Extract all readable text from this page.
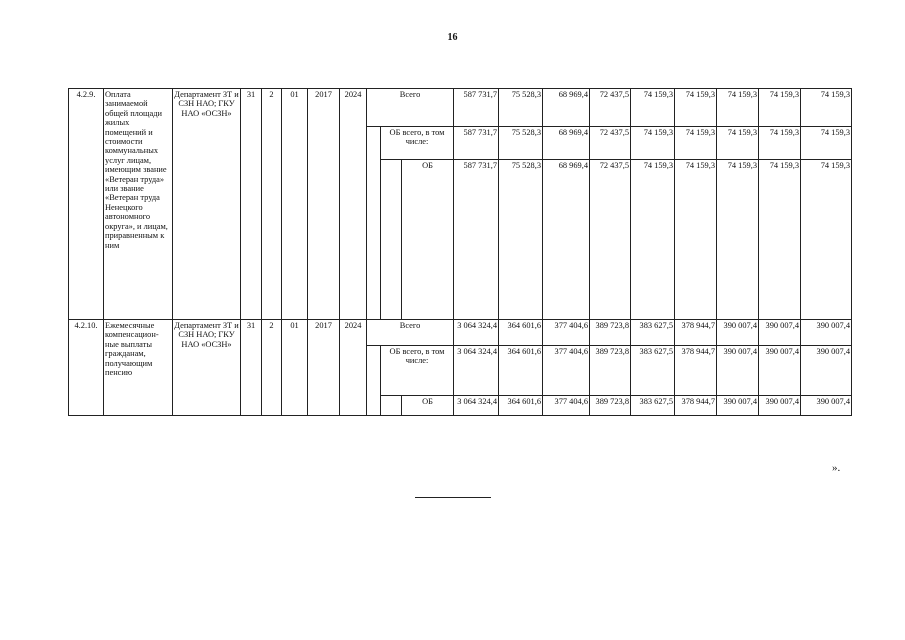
16
4.2.9.	Оплата занимаемой общей площади жилых помещений и стоимости коммунальных услуг лицам, имеющим звание «Ветеран труда» или звание «Ветеран труда Ненецкого автономного округа», и лицам, приравненным к ним	Департамент ЗТ и СЗН НАО; ГКУ НАО «ОСЗН»	31	2	01	2017	2024	Всего			587 731,7	75 528,3	68 969,4	72 437,5	74 159,3	74 159,3	74 159,3	74 159,3	74 159,3	
									ОБ всего, в том числе:		587 731,7	75 528,3	68 969,4	72 437,5	74 159,3	74 159,3	74 159,3	74 159,3	74 159,3	
										ОБ	587 731,7	75 528,3	68 969,4	72 437,5	74 159,3	74 159,3	74 159,3	74 159,3	74 159,3	
4.2.10.	Ежемесячные компенсацион-ные выплаты гражданам, получающим пенсию	Департамент ЗТ и СЗН НАО; ГКУ НАО «ОСЗН»	31	2	01	2017	2024	Всего			3 064 324,4	364 601,6	377 404,6	389 723,8	383 627,5	378 944,7	390 007,4	390 007,4	390 007,4	
									ОБ всего, в том числе:		3 064 324,4	364 601,6	377 404,6	389 723,8	383 627,5	378 944,7	390 007,4	390 007,4	390 007,4	
										ОБ	3 064 324,4	364 601,6	377 404,6	389 723,8	383 627,5	378 944,7	390 007,4	390 007,4	390 007,4	
».
